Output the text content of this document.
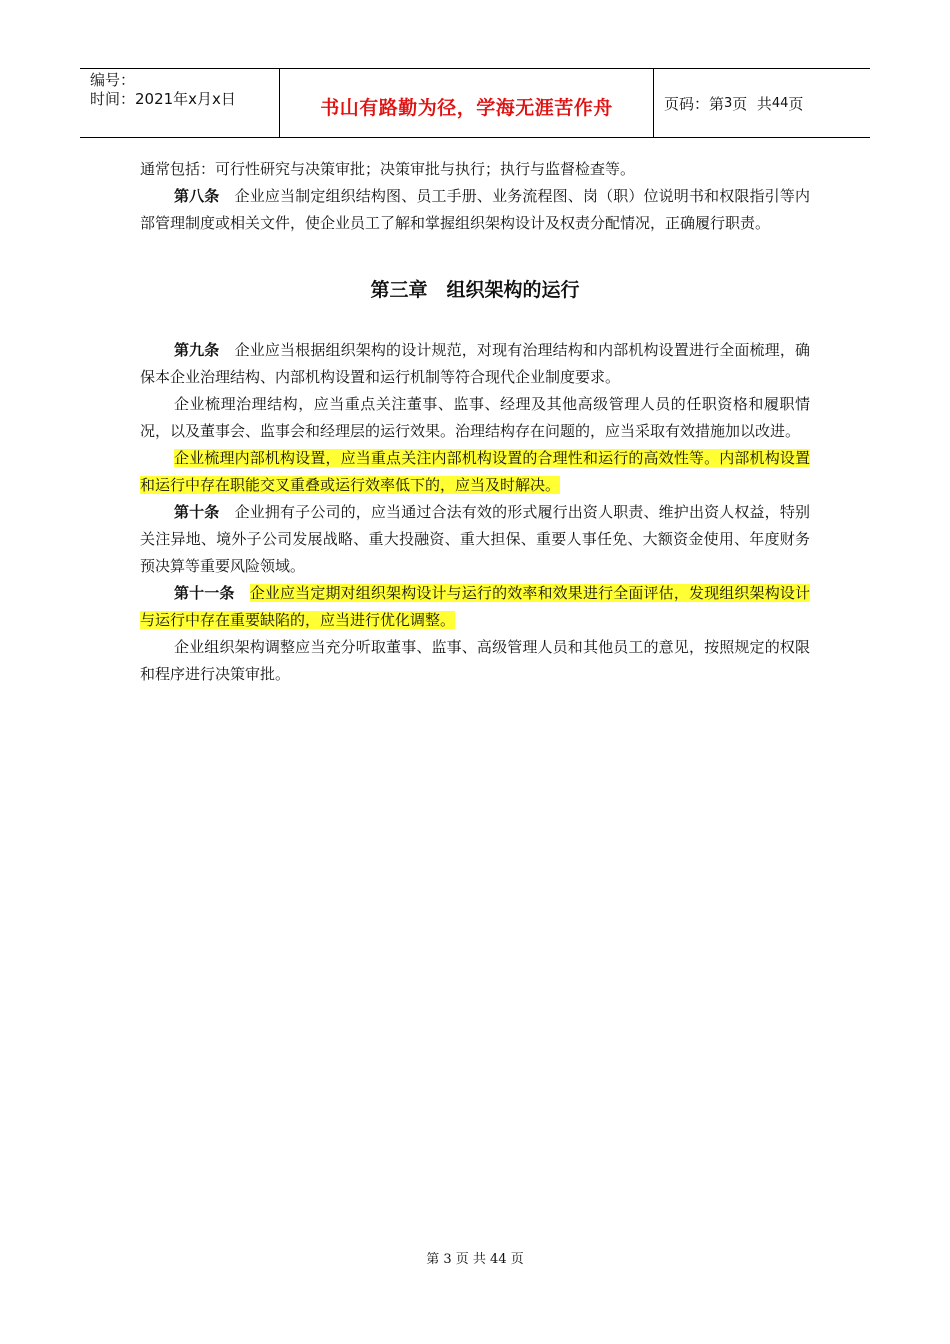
编号：
时间：2021年x月x日	书山有路勤为径，学海无涯苦作舟	页码：第 3 页  共 44 页

通常包括：可行性研究与决策审批；决策审批与执行；执行与监督检查等。

第八条　 企业应当制定组织结构图、员工手册、业务流程图、岗（职）位说明书和权限指引等内部管理制度或相关文件，使企业员工了解和掌握组织架构设计及权责分配情况，正确履行职责。

第三章　组织架构的运行

第九条　 企业应当根据组织架构的设计规范，对现有治理结构和内部机构设置进行全面梳理，确保本企业治理结构、内部机构设置和运行机制等符合现代企业制度要求。

企业梳理治理结构，应当重点关注董事、监事、经理及其他高级管理人员的任职资格和履职情况，以及董事会、监事会和经理层的运行效果。治理结构存在问题的，应当采取有效措施加以改进。

企业梳理内部机构设置，应当重点关注内部机构设置的合理性和运行的高效性等。内部机构设置和运行中存在职能交叉重叠或运行效率低下的，应当及时解决。

第十条　 企业拥有子公司的，应当通过合法有效的形式履行出资人职责、维护出资人权益，特别关注异地、境外子公司发展战略、重大投融资、重大担保、重要人事任免、大额资金使用、年度财务预决算等重要风险领域。

第十一条　 企业应当定期对组织架构设计与运行的效率和效果进行全面评估，发现组织架构设计与运行中存在重要缺陷的，应当进行优化调整。

企业组织架构调整应当充分听取董事、监事、高级管理人员和其他员工的意见，按照规定的权限和程序进行决策审批。

第 3 页 共 44 页
